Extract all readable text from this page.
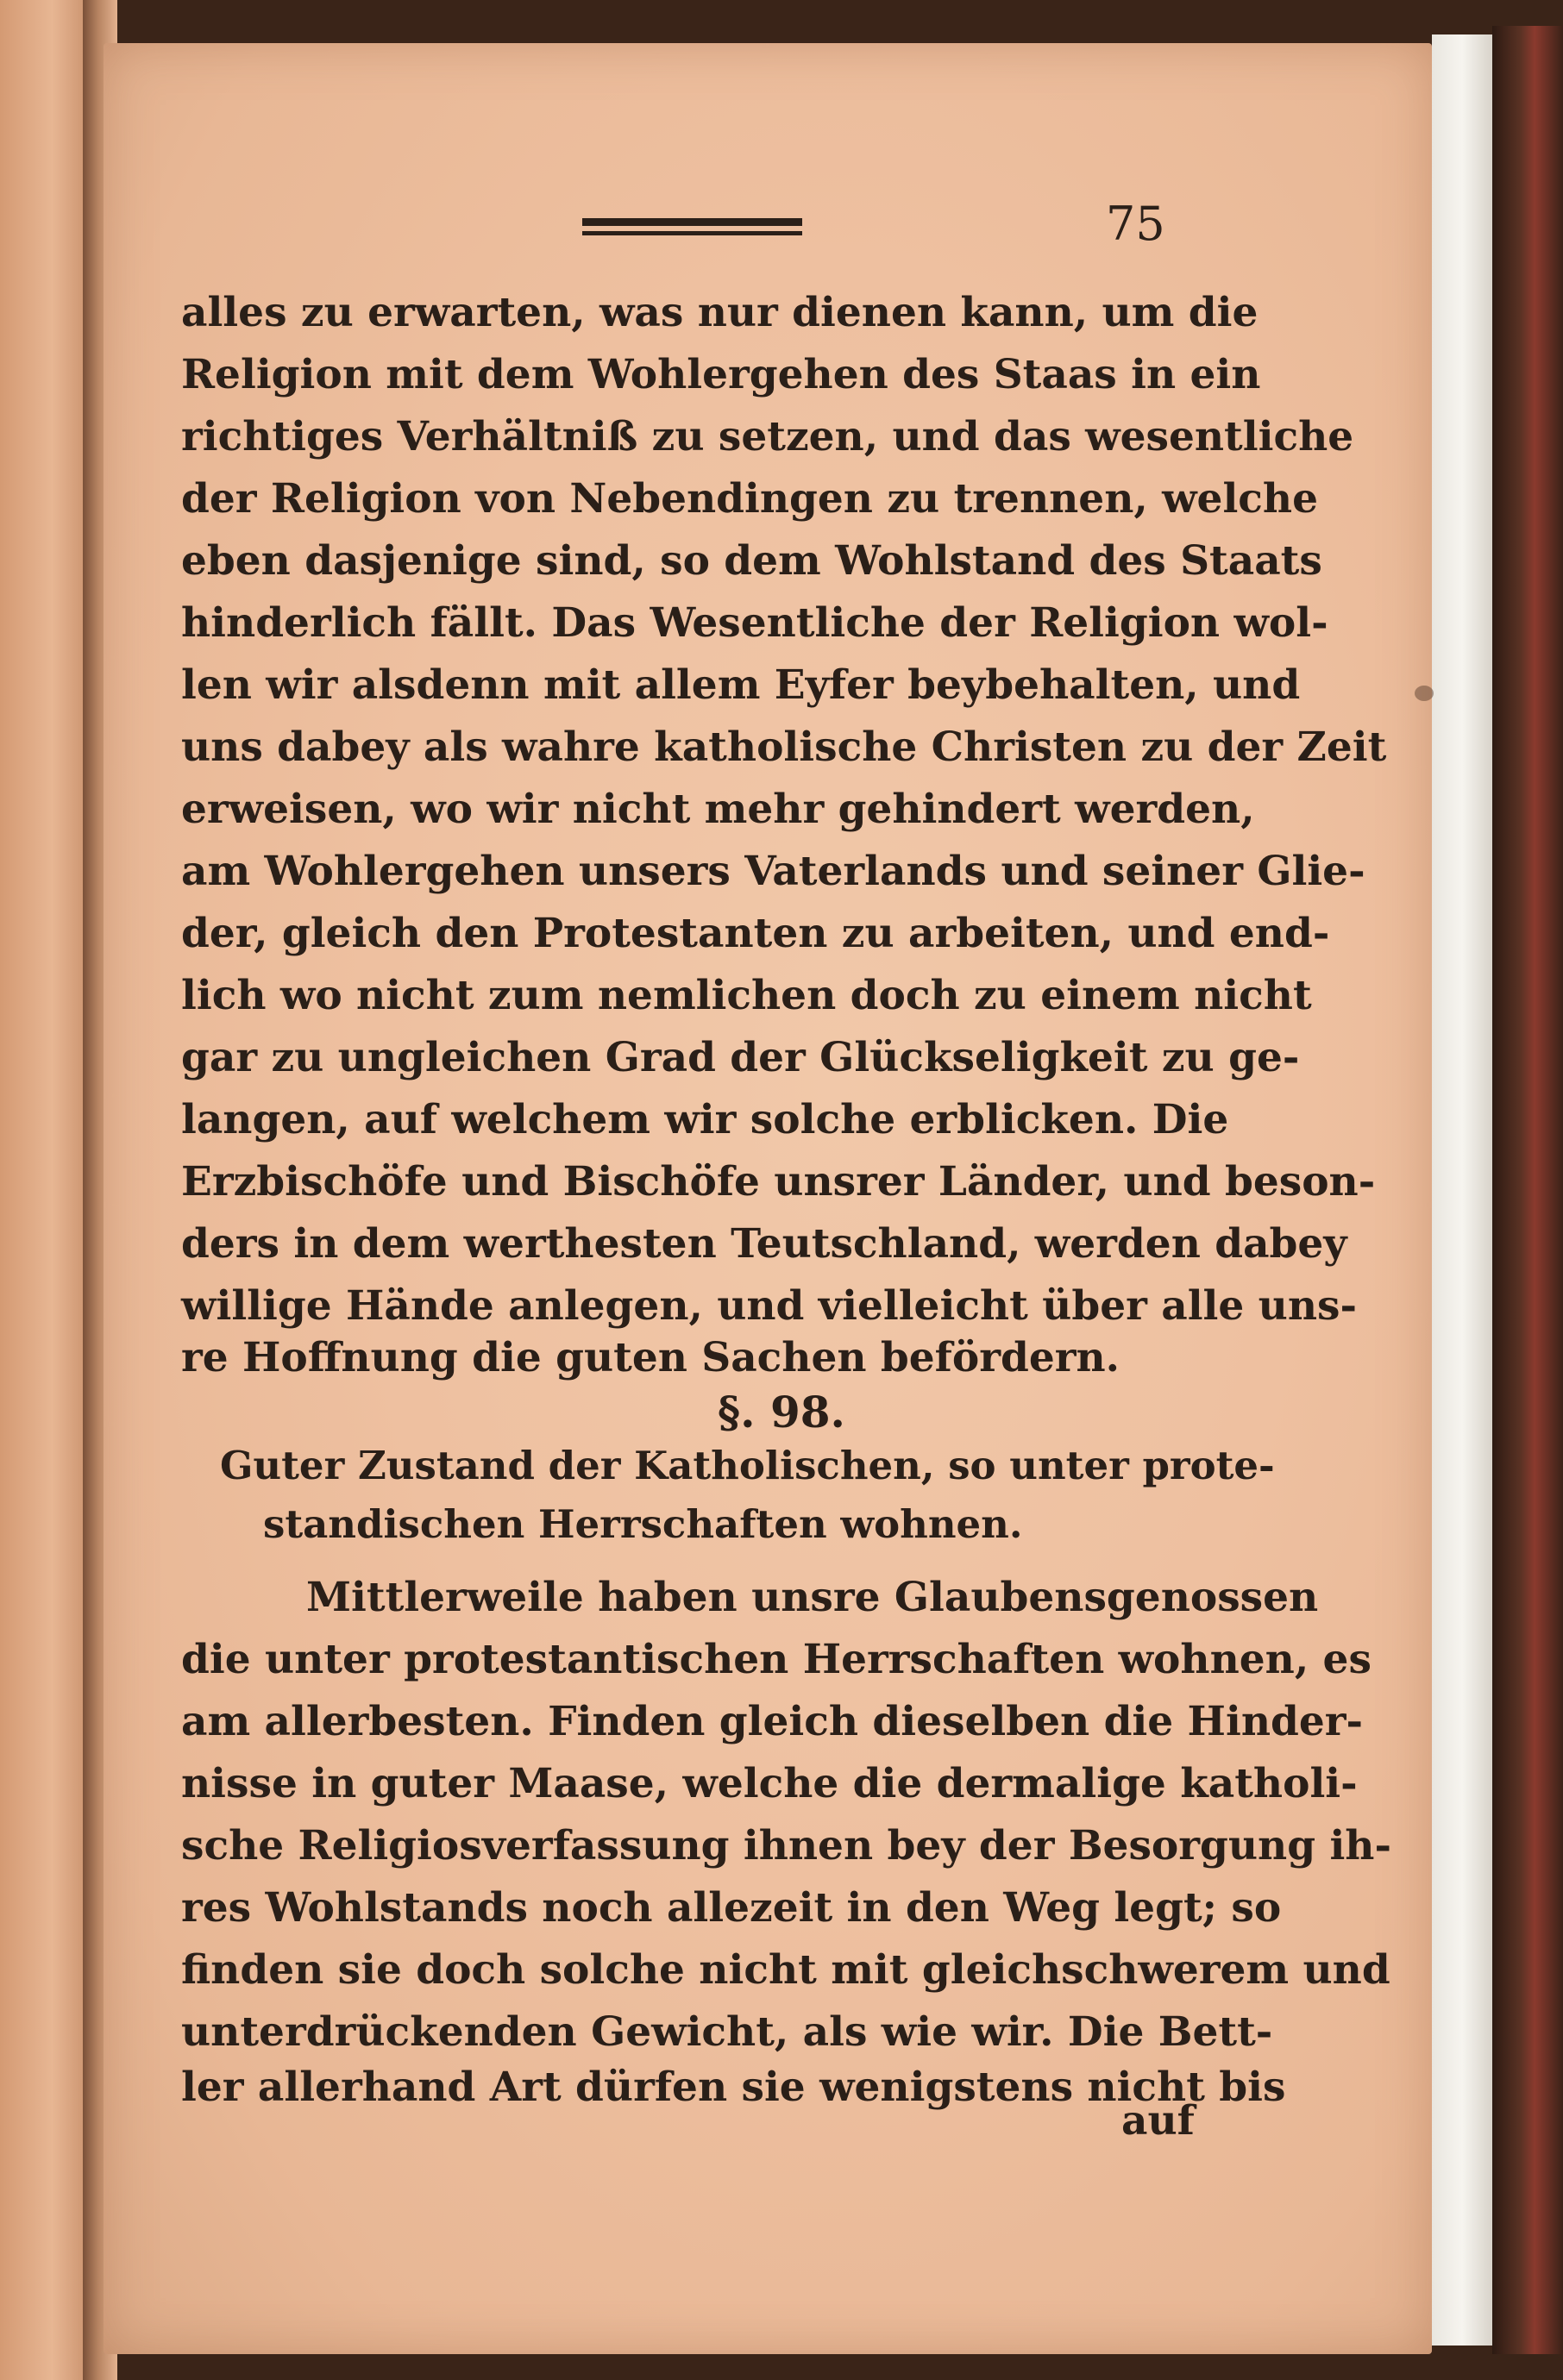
75

alles zu erwarten, was nur dienen kann, um die

Religion mit dem Wohlergehen des Staas in ein

richtiges Verhältniß zu setzen, und das wesentliche

der Religion von Nebendingen zu trennen, welche

eben dasjenige sind, so dem Wohlstand des Staats

hinderlich fällt. Das Wesentliche der Religion wol-

len wir alsdenn mit allem Eyfer beybehalten, und

uns dabey als wahre katholische Christen zu der Zeit

erweisen, wo wir nicht mehr gehindert werden,

am Wohlergehen unsers Vaterlands und seiner Glie-

der, gleich den Protestanten zu arbeiten, und end-

lich wo nicht zum nemlichen doch zu einem nicht

gar zu ungleichen Grad der Glückseligkeit zu ge-

langen, auf welchem wir solche erblicken. Die

Erzbischöfe und Bischöfe unsrer Länder, und beson-

ders in dem werthesten Teutschland, werden dabey

willige Hände anlegen, und vielleicht über alle uns-

re Hoffnung die guten Sachen befördern.

§. 98.

Guter Zustand der Katholischen, so unter prote-

standischen Herrschaften wohnen.

Mittlerweile haben unsre Glaubensgenossen

die unter protestantischen Herrschaften wohnen, es

am allerbesten. Finden gleich dieselben die Hinder-

nisse in guter Maase, welche die dermalige katholi-

sche Religiosverfassung ihnen bey der Besorgung ih-

res Wohlstands noch allezeit in den Weg legt; so

finden sie doch solche nicht mit gleichschwerem und

unterdrückenden Gewicht, als wie wir. Die Bett-

ler allerhand Art dürfen sie wenigstens nicht bis

auf
